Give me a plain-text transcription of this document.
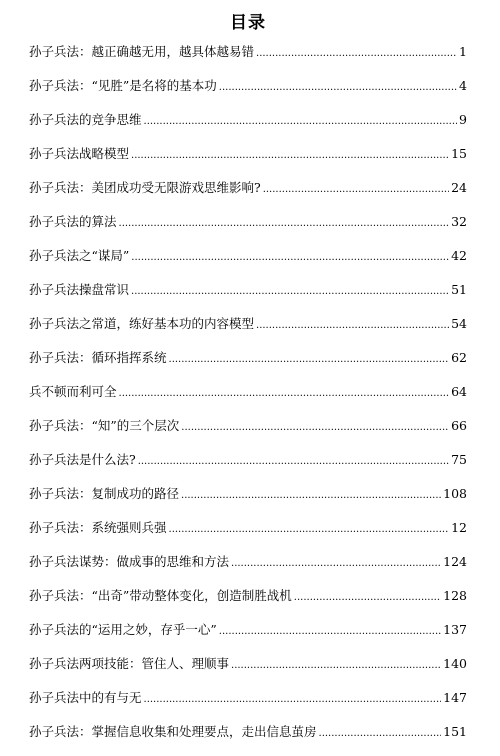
目录
孙子兵法：越正确越无用，越具体越易错 .....	1
孙子兵法：“见胜”是名将的基本功 .....	4
孙子兵法的竞争思维 .....	9
孙子兵法战略模型 .....	15
孙子兵法：美团成功受无限游戏思维影响? .....	24
孙子兵法的算法 .....	32
孙子兵法之“谋局” .....	42
孙子兵法操盘常识 .....	51
孙子兵法之常道，练好基本功的内容模型 .....	54
孙子兵法：循环指挥系统 .....	62
兵不顿而利可全 .....	64
孙子兵法：“知”的三个层次 .....	66
孙子兵法是什么法? .....	75
孙子兵法：复制成功的路径 .....	108
孙子兵法：系统强则兵强 .....	12
孙子兵法谋势：做成事的思维和方法 .....	124
孙子兵法：“出奇”带动整体变化，创造制胜战机 .....	128
孙子兵法的“运用之妙，存乎一心” .....	137
孙子兵法两项技能：管住人、理顺事 .....	140
孙子兵法中的有与无 .....	147
孙子兵法：掌握信息收集和处理要点，走出信息茧房 .....	151
